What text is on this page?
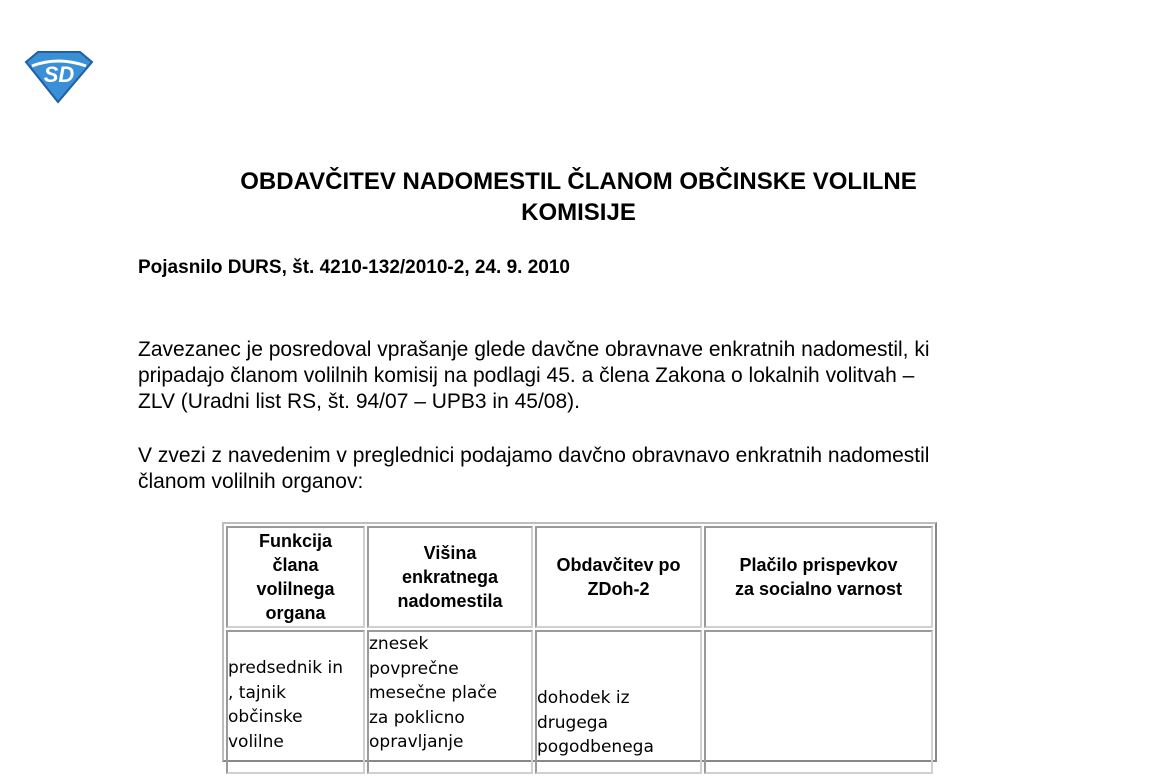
SD
OBDAVČITEV NADOMESTIL ČLANOM OBČINSKE VOLILNE
KOMISIJE
Pojasnilo DURS, št. 4210-132/2010-2, 24. 9. 2010
Zavezanec je posredoval vprašanje glede davčne obravnave enkratnih nadomestil, ki
pripadajo članom volilnih komisij na podlagi 45. a člena Zakona o lokalnih volitvah –
ZLV (Uradni list RS, št. 94/07 – UPB3 in 45/08).
V zvezi z navedenim v preglednici podajamo davčno obravnavo enkratnih nadomestil
članom volilnih organov:
Funkcija
člana
volilnega
organa	Višina
enkratnega
nadomestila	Obdavčitev po
ZDoh-2	Plačilo prispevkov
za socialno varnost

predsednik in
, tajnik
občinske
volilne	znesek
povprečne
mesečne plače
za poklicno
opravljanje	dohodek iz
drugega
pogodbenega	
